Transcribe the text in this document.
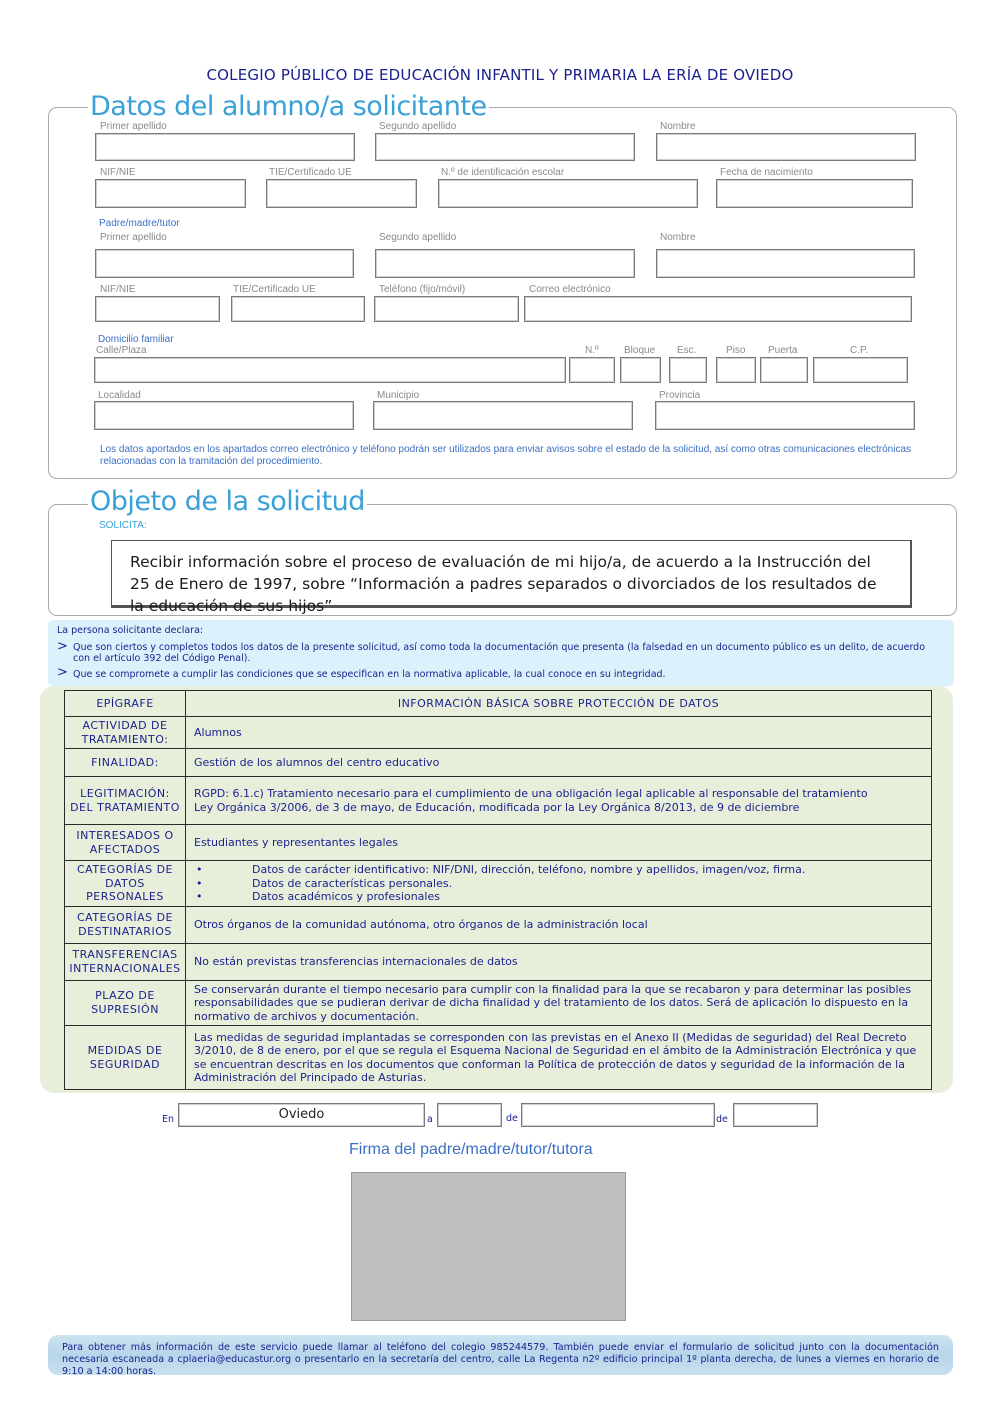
COLEGIO PÚBLICO DE EDUCACIÓN INFANTIL Y PRIMARIA LA ERÍA DE OVIEDO
Datos del alumno/a solicitante
Primer apellido	Segundo apellido	Nombre
NIF/NIE	TIE/Certificado UE	N.º de identificación escolar	Fecha de nacimiento
Padre/madre/tutor
Primer apellido	Segundo apellido	Nombre
NIF/NIE	TIE/Certificado UE	Teléfono (fijo/móvil)	Correo electrónico
Domicilio familiar
Calle/Plaza	N.º	Bloque Esc.	Piso Puerta	C.P.
Localidad	Municipio	Provincia
Los datos aportados en los apartados correo electrónico y teléfono podrán ser utilizados para enviar avisos sobre el estado de la solicitud, así como otras comunicaciones electrónicas relacionadas con la tramitación del procedimiento.
Objeto de la solicitud
SOLICITA:
Recibir información sobre el proceso de evaluación de mi hijo/a, de acuerdo a la Instrucción del 25 de Enero de 1997, sobre “Información a padres separados o divorciados de los resultados de la educación de sus hijos”
La persona solicitante declara:
> Que son ciertos y completos todos los datos de la presente solicitud, así como toda la documentación que presenta (la falsedad en un documento público es un delito, de acuerdo con el artículo 392 del Código Penal).
> Que se compromete a cumplir las condiciones que se especifican en la normativa aplicable, la cual conoce en su integridad.
EPÍGRAFE	INFORMACIÓN BÁSICA SOBRE PROTECCIÓN DE DATOS
ACTIVIDAD DE TRATAMIENTO:	Alumnos
FINALIDAD:	Gestión de los alumnos del centro educativo
LEGITIMACIÓN: DEL TRATAMIENTO	RGPD: 6.1.c) Tratamiento necesario para el cumplimiento de una obligación legal aplicable al responsable del tratamiento
Ley Orgánica 3/2006, de 3 de mayo, de Educación, modificada por la Ley Orgánica 8/2013, de 9 de diciembre

INTERESADOS O AFECTADOS	Estudiantes y representantes legales
CATEGORÍAS DE DATOS PERSONALES	
• Datos de carácter identificativo: NIF/DNI, dirección, teléfono, nombre y apellidos, imagen/voz, firma.
• Datos de características personales.
• Datos académicos y profesionales

CATEGORÍAS DE DESTINATARIOS	Otros órganos de la comunidad autónoma, otro órganos de la administración local
TRANSFERENCIAS INTERNACIONALES	No están previstas transferencias internacionales de datos
PLAZO DE SUPRESIÓN	Se conservarán durante el tiempo necesario para cumplir con la finalidad para la que se recabaron y para determinar las posibles responsabilidades que se pudieran derivar de dicha finalidad y del tratamiento de los datos. Será de aplicación lo dispuesto en la normativo de archivos y documentación.
MEDIDAS DE SEGURIDAD	Las medidas de seguridad implantadas se corresponden con las previstas en el Anexo II (Medidas de seguridad) del Real Decreto 3/2010, de 8 de enero, por el que se regula el Esquema Nacional de Seguridad en el ámbito de la Administración Electrónica y que se encuentran descritas en los documentos que conforman la Política de protección de datos y seguridad de la información de la Administración del Principado de Asturias.
En	Oviedo	a	de	de
Firma del padre/madre/tutor/tutora
Para obtener más información de este servicio puede llamar al teléfono del colegio 985244579. También puede enviar el formulario de solicitud junto con la documentación necesaria escaneada a cplaeria@educastur.org o presentarlo en la secretaría del centro, calle La Regenta n2º edificio principal 1º planta derecha, de lunes a viernes en horario de 9:10 a 14:00 horas.
